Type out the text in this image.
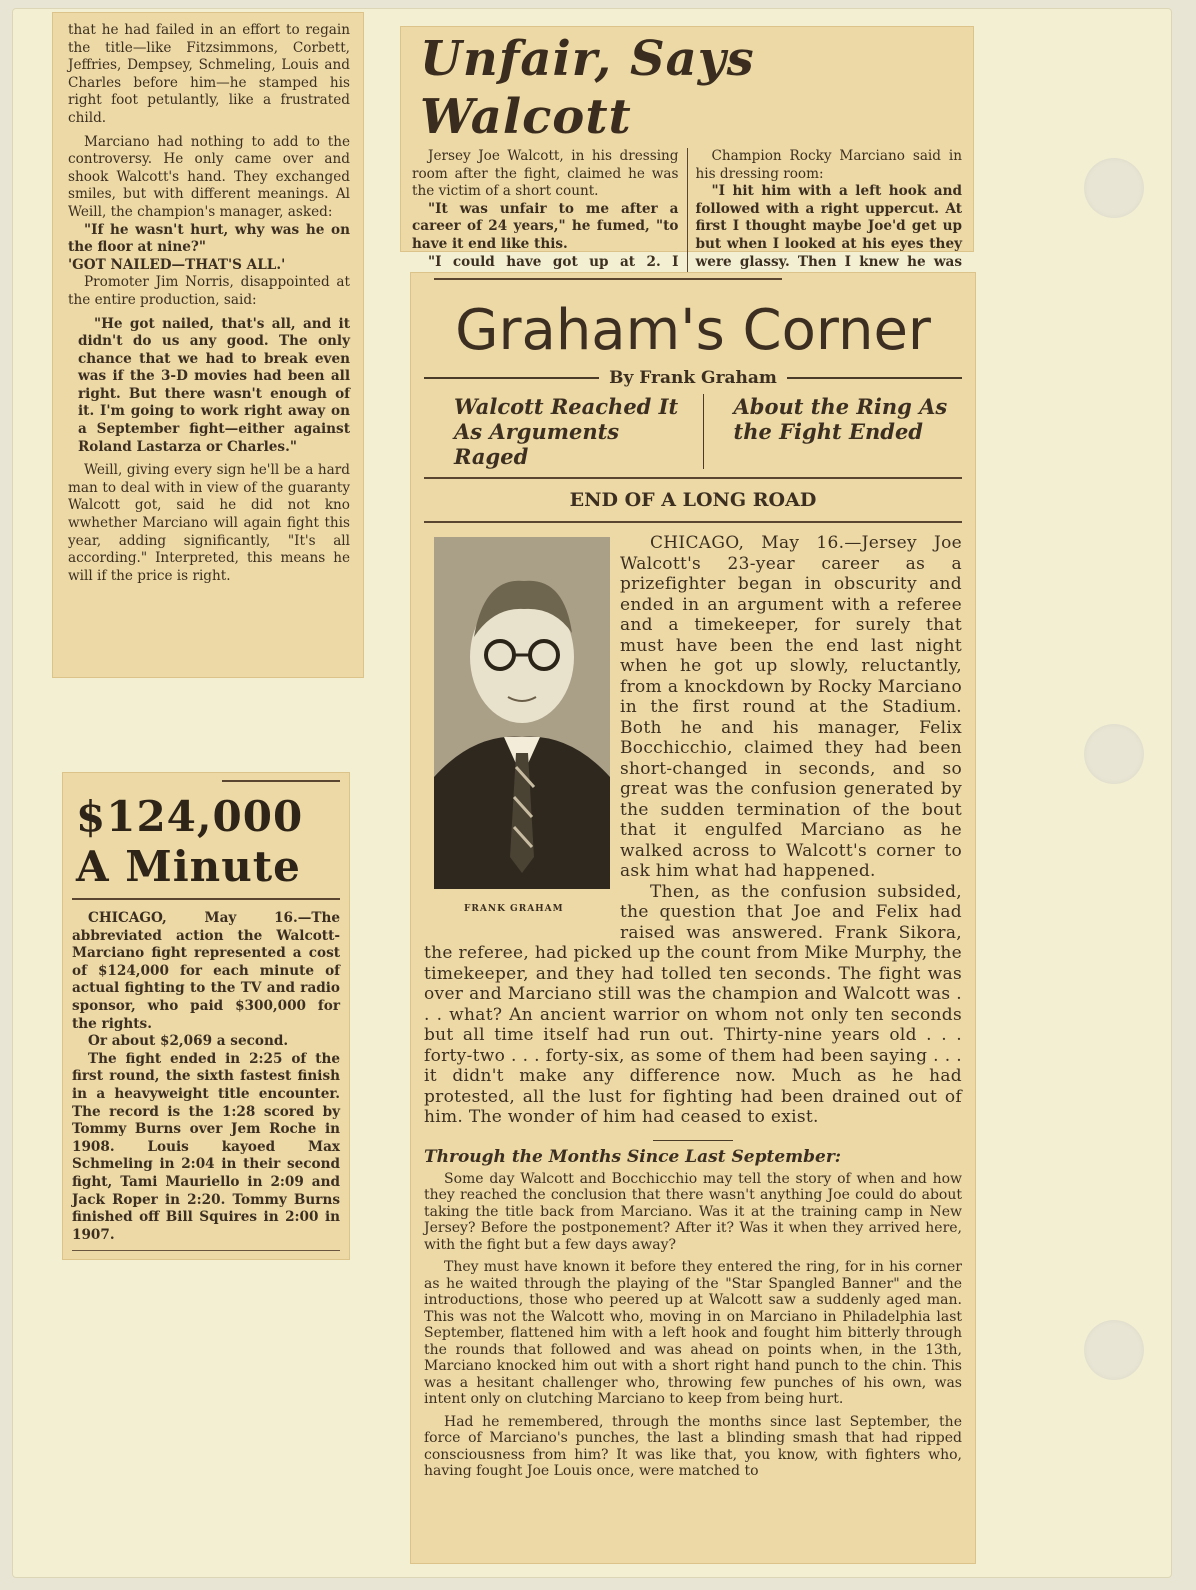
that he had failed in an effort to regain the title—like Fitzsimmons, Corbett, Jeffries, Dempsey, Schmeling, Louis and Charles before him—he stamped his right foot petulantly, like a frustrated child.

Marciano had nothing to add to the controversy. He only came over and shook Walcott's hand. They exchanged smiles, but with different meanings. Al Weill, the champion's manager, asked:

"If he wasn't hurt, why was he on the floor at nine?"

'GOT NAILED—THAT'S ALL.'

Promoter Jim Norris, disappointed at the entire production, said:

"He got nailed, that's all, and it didn't do us any good. The only chance that we had to break even was if the 3-D movies had been all right. But there wasn't enough of it. I'm going to work right away on a September fight—either against Roland Lastarza or Charles."

Weill, giving every sign he'll be a hard man to deal with in view of the guaranty Walcott got, said he did not kno wwhether Marciano will again fight this year, adding significantly, "It's all according." Interpreted, this means he will if the price is right.

$124,000
A Minute

CHICAGO, May 16.—The abbreviated action the Walcott-Marciano fight represented a cost of $124,000 for each minute of actual fighting to the TV and radio sponsor, who paid $300,000 for the rights.

Or about $2,069 a second.

The fight ended in 2:25 of the first round, the sixth fastest finish in a heavyweight title encounter. The record is the 1:28 scored by Tommy Burns over Jem Roche in 1908. Louis kayoed Max Schmeling in 2:04 in their second fight, Tami Mauriello in 2:09 and Jack Roper in 2:20. Tommy Burns finished off Bill Squires in 2:00 in 1907.

Unfair, Says Walcott

Jersey Joe Walcott, in his dressing room after the fight, claimed he was the victim of a short count.

"It was unfair to me after a career of 24 years," he fumed, "to have it end like this.

"I could have got up at 2. I

Champion Rocky Marciano said in his dressing room:

"I hit him with a left hook and followed with a right uppercut. At first I thought maybe Joe'd get up but when I looked at his eyes they were glassy. Then I knew he was

Graham's Corner
By Frank Graham
Walcott Reached It As Arguments Raged
About the Ring As the Fight Ended
END OF A LONG ROAD
FRANK GRAHAM

CHICAGO, May 16.—Jersey Joe Walcott's 23-year career as a prizefighter began in obscurity and ended in an argument with a referee and a timekeeper, for surely that must have been the end last night when he got up slowly, reluctantly, from a knockdown by Rocky Marciano in the first round at the Stadium. Both he and his manager, Felix Bocchicchio, claimed they had been short-changed in seconds, and so great was the confusion generated by the sudden termination of the bout that it engulfed Marciano as he walked across to Walcott's corner to ask him what had happened.

Then, as the confusion subsided, the question that Joe and Felix had raised was answered. Frank Sikora, the referee, had picked up the count from Mike Murphy, the timekeeper, and they had tolled ten seconds. The fight was over and Marciano still was the champion and Walcott was . . . what? An ancient warrior on whom not only ten seconds but all time itself had run out. Thirty-nine years old . . . forty-two . . . forty-six, as some of them had been saying . . . it didn't make any difference now. Much as he had protested, all the lust for fighting had been drained out of him. The wonder of him had ceased to exist.

Through the Months Since Last September:

Some day Walcott and Bocchicchio may tell the story of when and how they reached the conclusion that there wasn't anything Joe could do about taking the title back from Marciano. Was it at the training camp in New Jersey? Before the postponement? After it? Was it when they arrived here, with the fight but a few days away?

They must have known it before they entered the ring, for in his corner as he waited through the playing of the "Star Spangled Banner" and the introductions, those who peered up at Walcott saw a suddenly aged man. This was not the Walcott who, moving in on Marciano in Philadelphia last September, flattened him with a left hook and fought him bitterly through the rounds that followed and was ahead on points when, in the 13th, Marciano knocked him out with a short right hand punch to the chin. This was a hesitant challenger who, throwing few punches of his own, was intent only on clutching Marciano to keep from being hurt.

Had he remembered, through the months since last September, the force of Marciano's punches, the last a blinding smash that had ripped consciousness from him? It was like that, you know, with fighters who, having fought Joe Louis once, were matched to
